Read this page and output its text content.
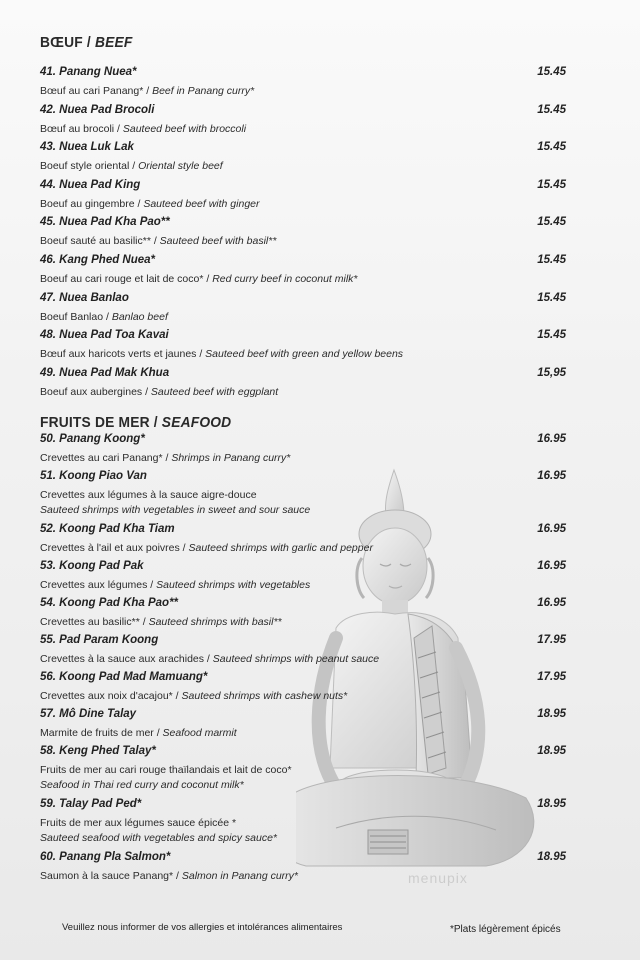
BŒUF / BEEF
41. Panang Nuea*	15.45
Bœuf au cari Panang* / Beef in Panang curry*
42. Nuea Pad Brocoli	15.45
Bœuf au brocoli / Sauteed beef with broccoli
43. Nuea Luk Lak	15.45
Boeuf style oriental / Oriental style beef
44. Nuea Pad King	15.45
Boeuf au gingembre / Sauteed beef with ginger
45. Nuea Pad Kha Pao**	15.45
Boeuf sauté au basilic** / Sauteed beef with basil**
46. Kang Phed Nuea*	15.45
Boeuf au cari rouge et lait de coco* / Red curry beef in coconut milk*
47. Nuea Banlao	15.45
Boeuf Banlao / Banlao beef
48. Nuea Pad Toa Kavai	15.45
Bœuf aux haricots verts et jaunes / Sauteed beef with green and yellow beens
49. Nuea Pad Mak Khua	15,95
Boeuf aux aubergines / Sauteed beef with eggplant
FRUITS DE MER / SEAFOOD
50. Panang Koong*	16.95
Crevettes au cari Panang* / Shrimps in Panang curry*
51. Koong Piao Van	16.95
Crevettes aux légumes à la sauce aigre-douce
Sauteed shrimps with vegetables in sweet and sour sauce
52. Koong Pad Kha Tiam	16.95
Crevettes à l'ail et aux poivres / Sauteed shrimps with garlic and pepper
53. Koong Pad Pak	16.95
Crevettes aux légumes / Sauteed shrimps with vegetables
54. Koong Pad Kha Pao**	16.95
Crevettes au basilic** / Sauteed shrimps with basil**
55. Pad Param Koong	17.95
Crevettes à la sauce aux arachides / Sauteed shrimps with peanut sauce
56. Koong Pad Mad Mamuang*	17.95
Crevettes aux noix d'acajou* / Sauteed shrimps with cashew nuts*
57. Mô Dine Talay	18.95
Marmite de fruits de mer / Seafood marmit
58. Keng Phed Talay*	18.95
Fruits de mer au cari rouge thaïlandais et lait de coco*
Seafood in Thai red curry and coconut milk*
59. Talay Pad Ped*	18.95
Fruits de mer aux légumes sauce épicée *
Sauteed seafood with vegetables and spicy sauce*
60. Panang Pla Salmon*	18.95
Saumon à la sauce Panang* / Salmon in Panang curry*	menupix
Veuillez nous informer de vos allergies et intolérances alimentaires	*Plats légèrement épicés
